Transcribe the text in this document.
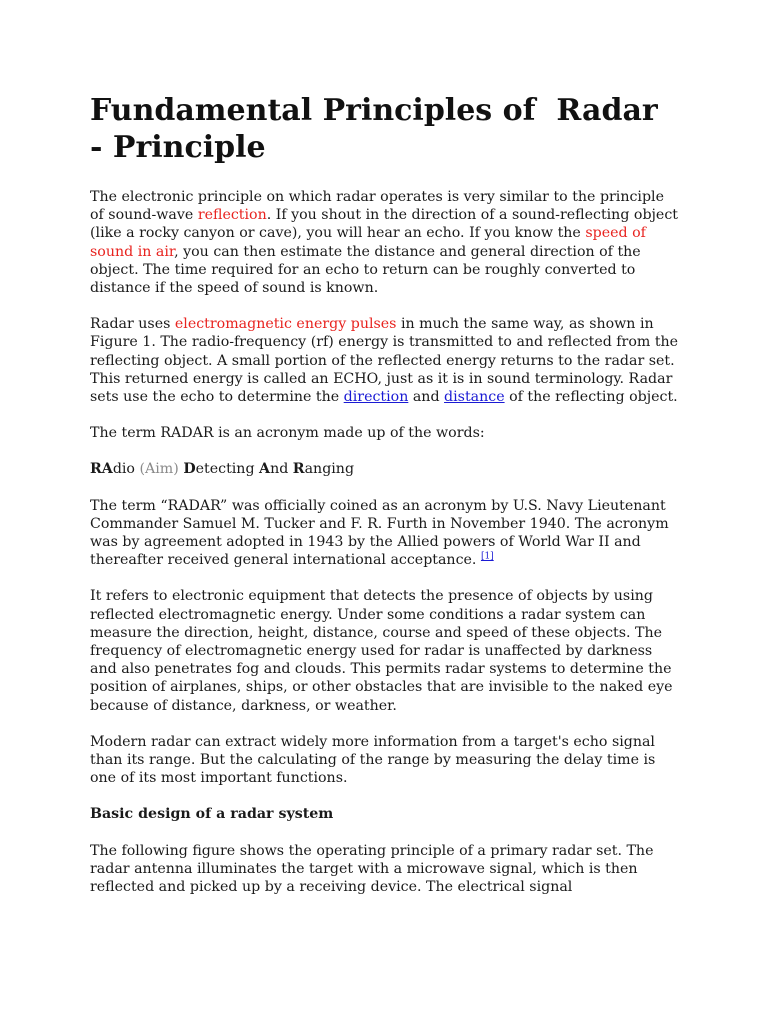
Fundamental Principles of  Radar - Principle

The electronic principle on which radar operates is very similar to the principle of sound-wave reflection. If you shout in the direction of a sound-reflecting object (like a rocky canyon or cave), you will hear an echo. If you know the speed of sound in air, you can then estimate the distance and general direction of the object. The time required for an echo to return can be roughly converted to distance if the speed of sound is known.

Radar uses electromagnetic energy pulses in much the same way, as shown in Figure 1. The radio-frequency (rf) energy is transmitted to and reflected from the reflecting object. A small portion of the reflected energy returns to the radar set. This returned energy is called an ECHO, just as it is in sound terminology. Radar sets use the echo to determine the direction and distance of the reflecting object.

The term RADAR is an acronym made up of the words:

RAdio (Aim) Detecting And Ranging

The term “RADAR” was officially coined as an acronym by U.S. Navy Lieutenant Commander Samuel M. Tucker and F. R. Furth in November 1940. The acronym was by agreement adopted in 1943 by the Allied powers of World War II and thereafter received general international acceptance. [1]

It refers to electronic equipment that detects the presence of objects by using reflected electromagnetic energy. Under some conditions a radar system can measure the direction, height, distance, course and speed of these objects. The frequency of electromagnetic energy used for radar is unaffected by darkness and also penetrates fog and clouds. This permits radar systems to determine the position of airplanes, ships, or other obstacles that are invisible to the naked eye because of distance, darkness, or weather.

Modern radar can extract widely more information from a target's echo signal than its range. But the calculating of the range by measuring the delay time is one of its most important functions.

Basic design of a radar system

The following figure shows the operating principle of a primary radar set. The radar antenna illuminates the target with a microwave signal, which is then reflected and picked up by a receiving device. The electrical signal
